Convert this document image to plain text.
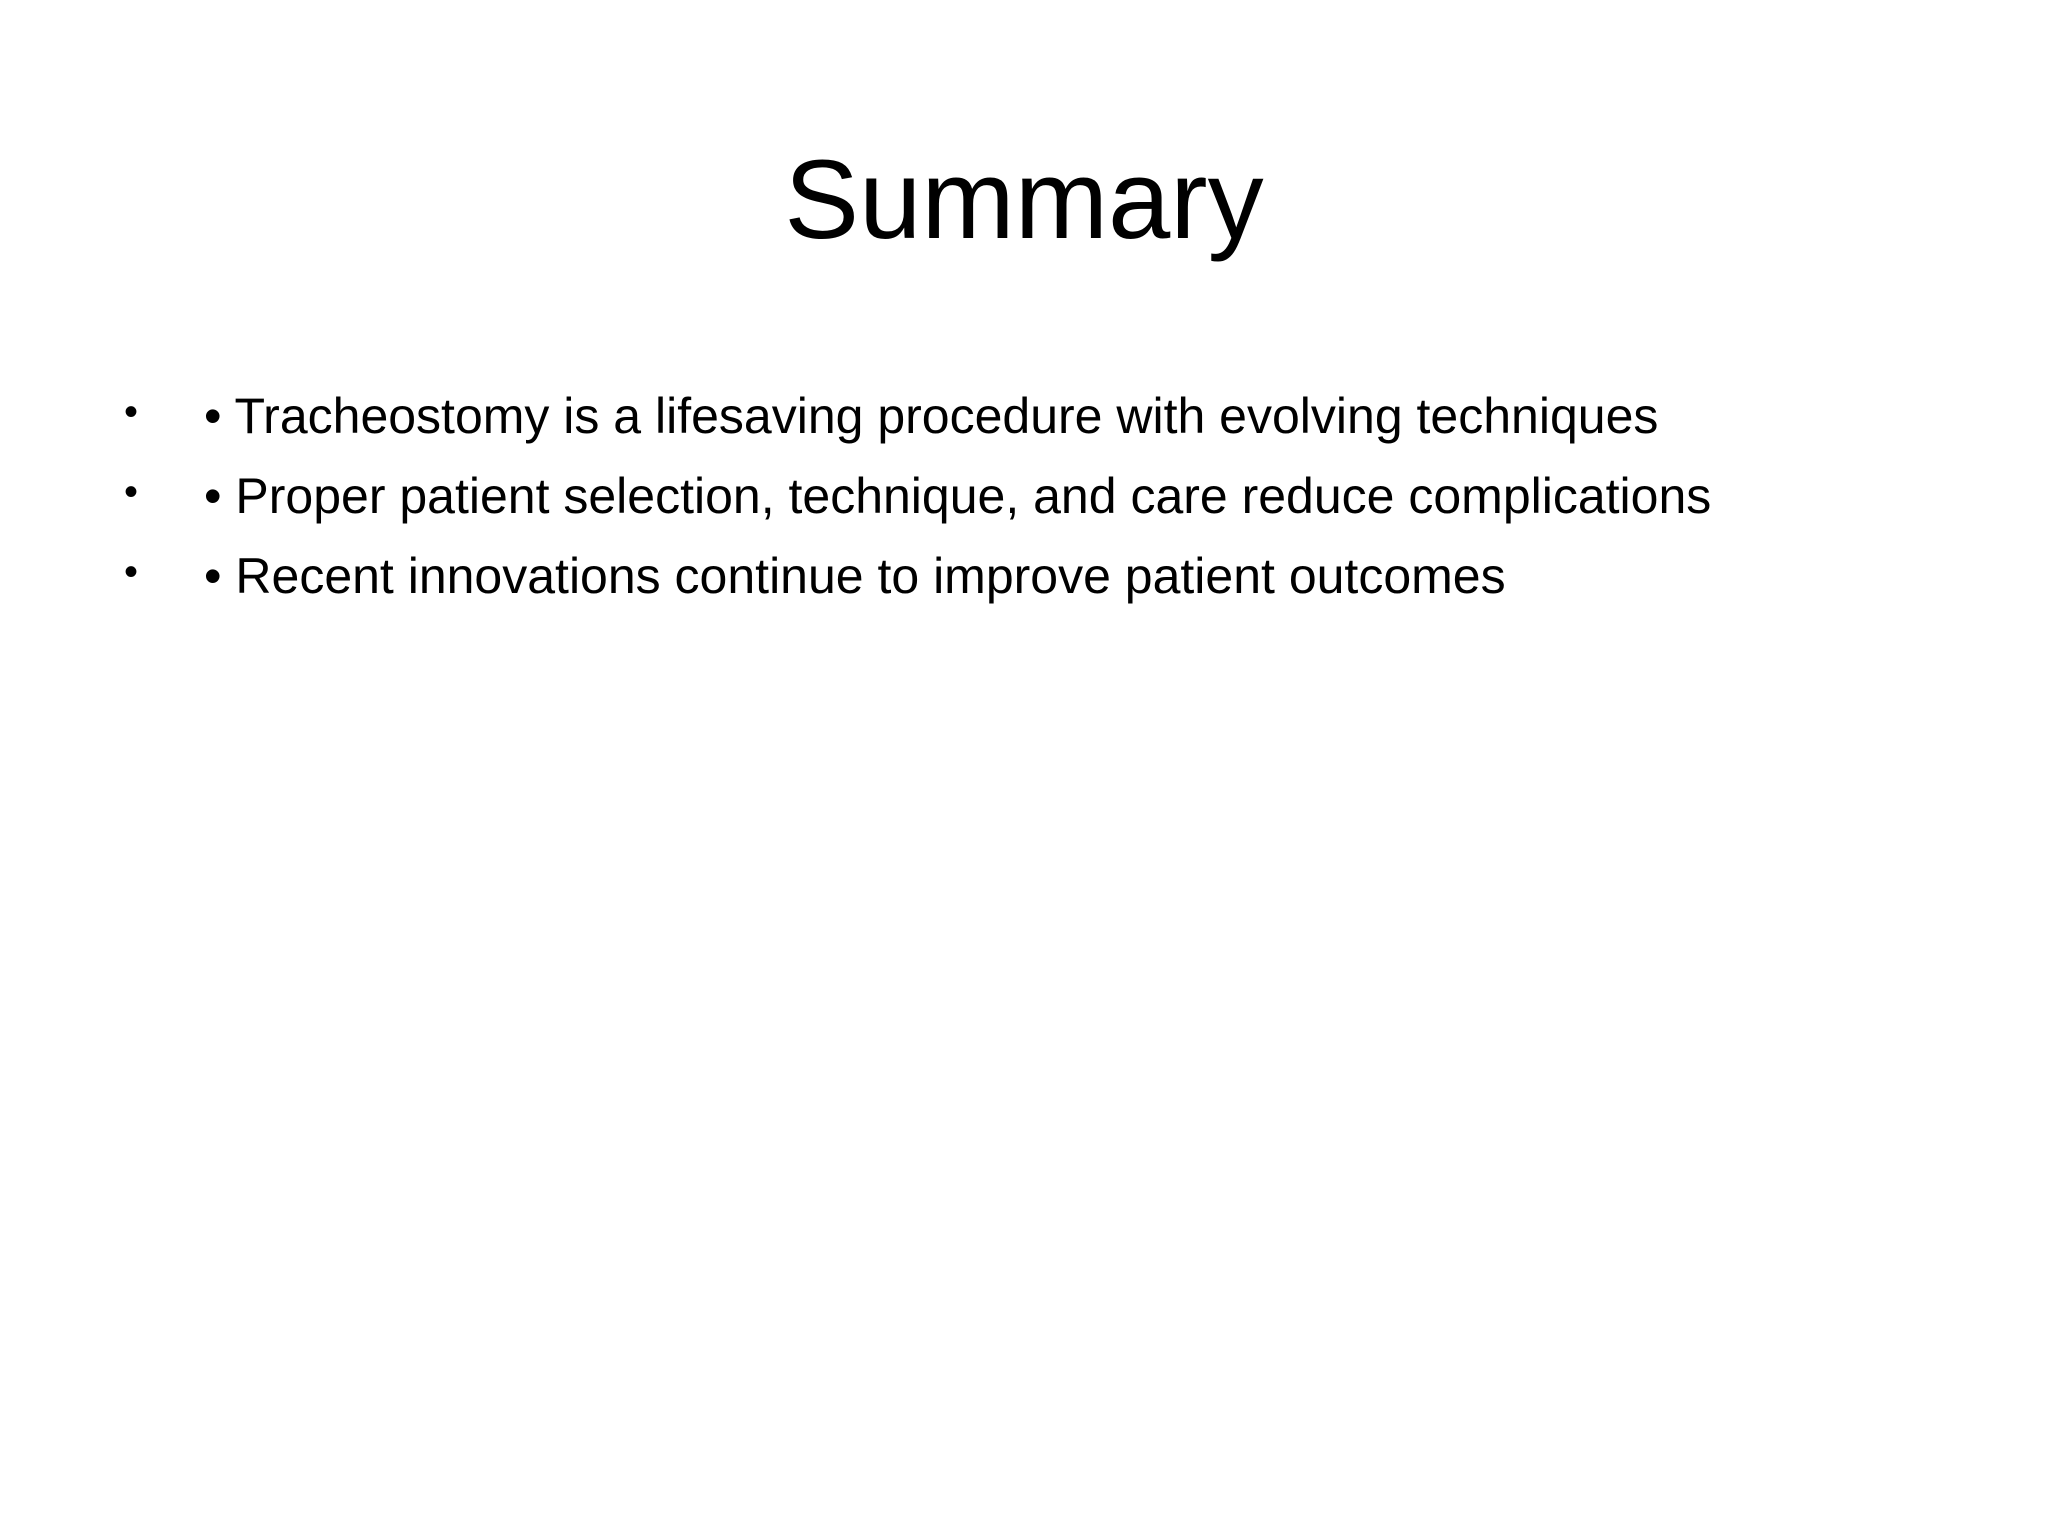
Summary
•	• Tracheostomy is a lifesaving procedure with evolving techniques
•	• Proper patient selection, technique, and care reduce complications
•	• Recent innovations continue to improve patient outcomes
